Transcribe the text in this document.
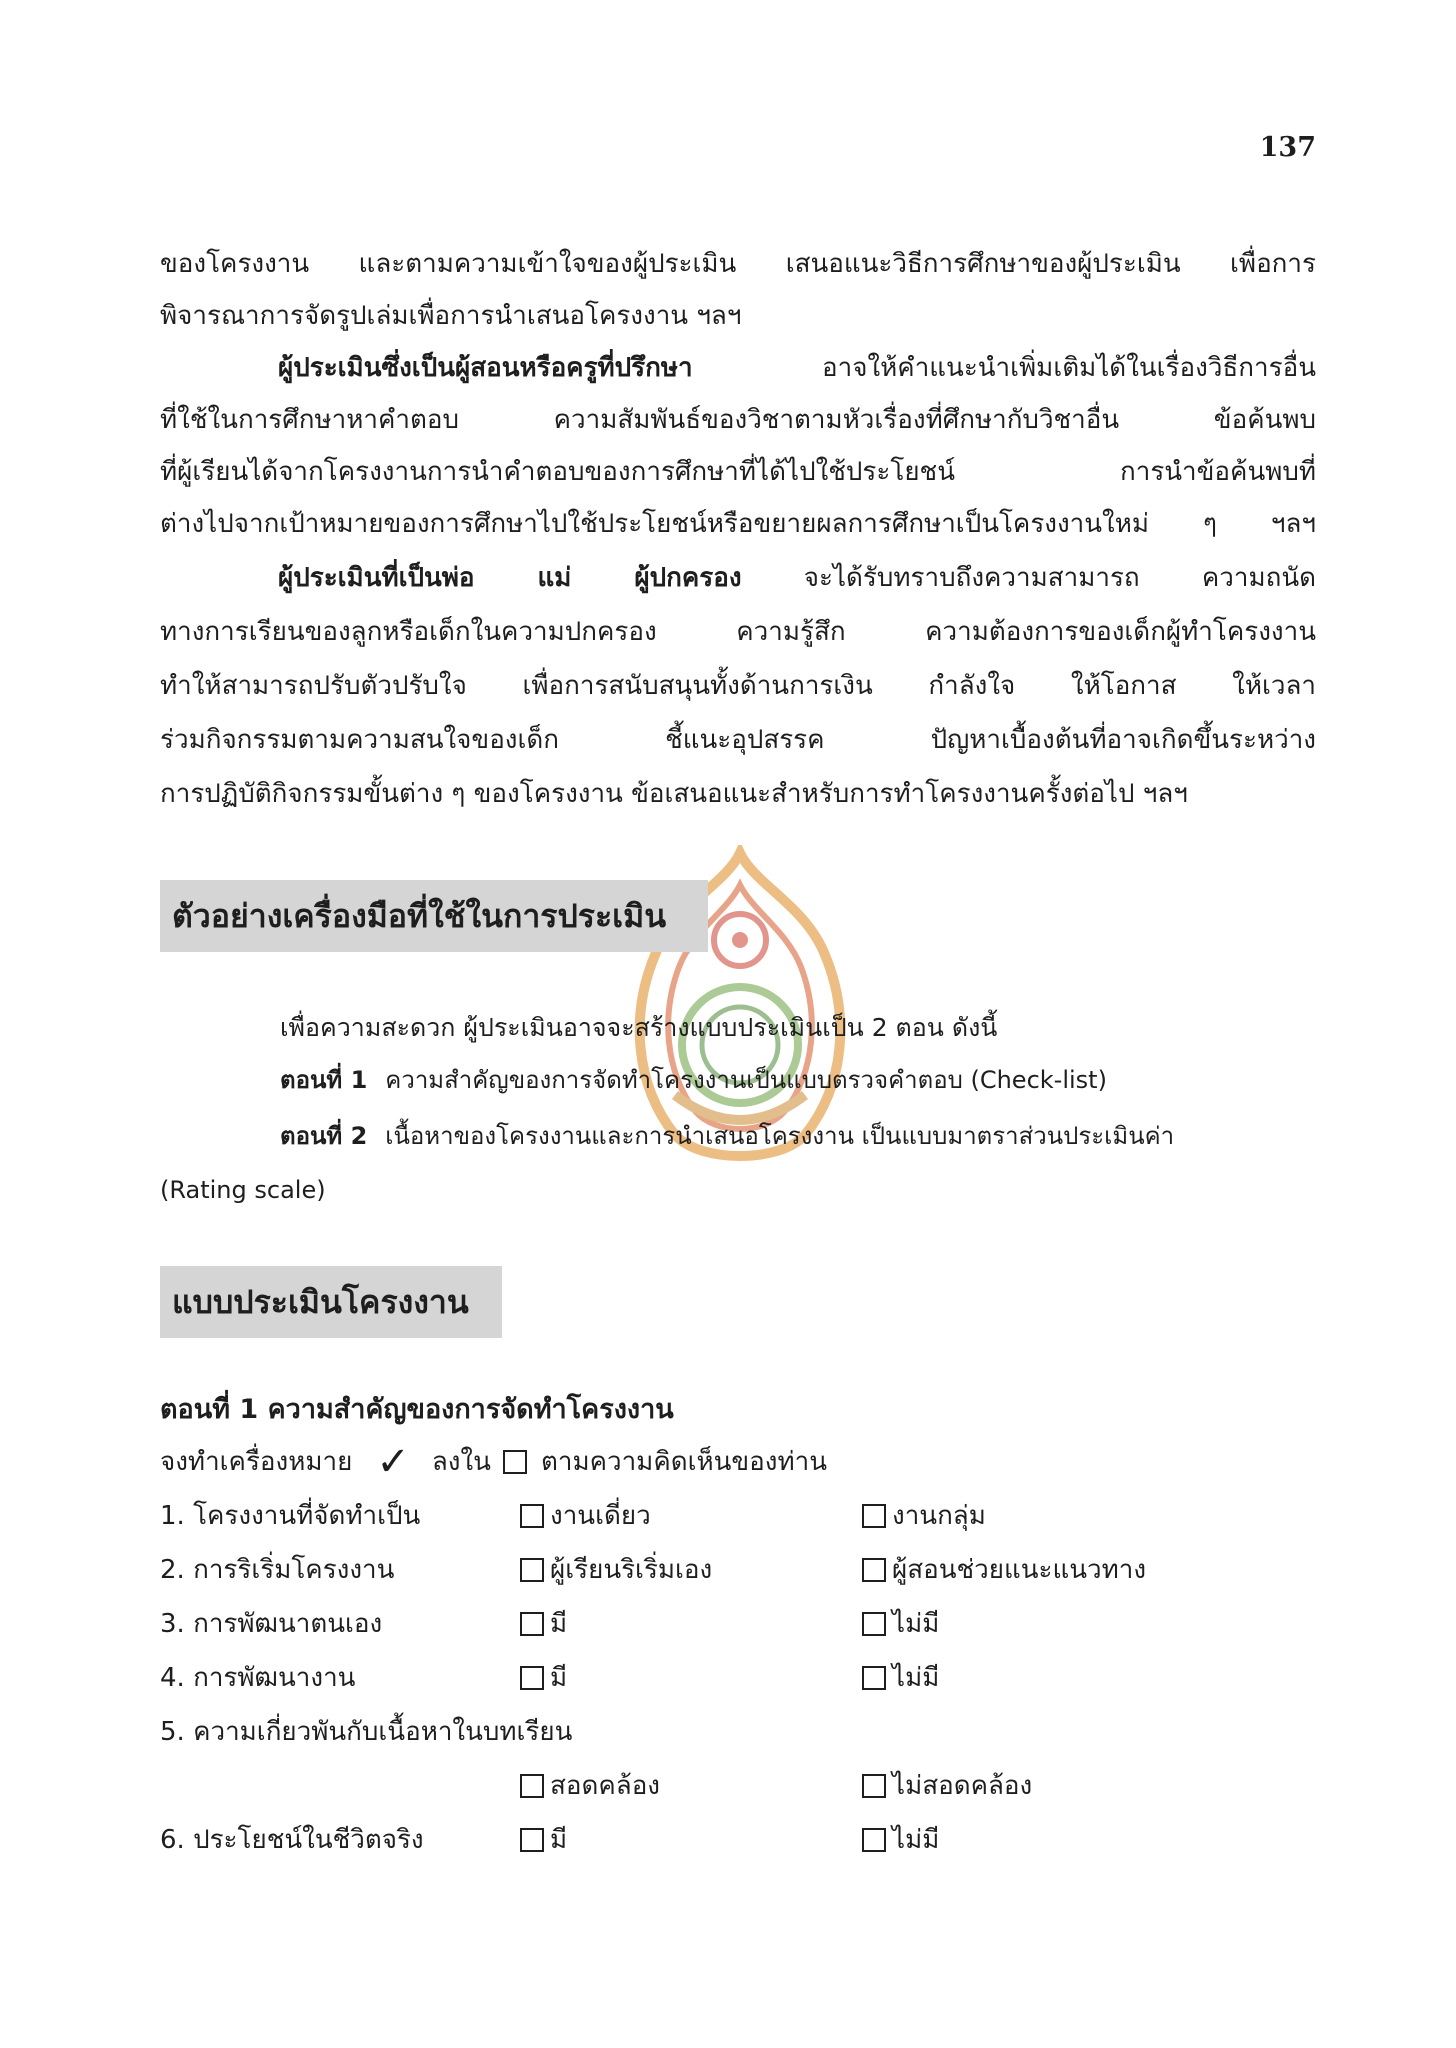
137
ของโครงงาน และตามความเข้าใจของผู้ประเมิน เสนอแนะวิธีการศึกษาของผู้ประเมิน เพื่อการ
พิจารณาการจัดรูปเล่มเพื่อการนำเสนอโครงงาน ฯลฯ
ผู้ประเมินซึ่งเป็นผู้สอนหรือครูที่ปรึกษา อาจให้คำแนะนำเพิ่มเติมได้ในเรื่องวิธีการอื่น
ที่ใช้ในการศึกษาหาคำตอบ ความสัมพันธ์ของวิชาตามหัวเรื่องที่ศึกษากับวิชาอื่น ข้อค้นพบ
ที่ผู้เรียนได้จากโครงงานการนำคำตอบของการศึกษาที่ได้ไปใช้ประโยชน์ การนำข้อค้นพบที่
ต่างไปจากเป้าหมายของการศึกษาไปใช้ประโยชน์หรือขยายผลการศึกษาเป็นโครงงานใหม่ ๆ ฯลฯ
ผู้ประเมินที่เป็นพ่อ แม่ ผู้ปกครอง จะได้รับทราบถึงความสามารถ ความถนัด
ทางการเรียนของลูกหรือเด็กในความปกครอง ความรู้สึก ความต้องการของเด็กผู้ทำโครงงาน
ทำให้สามารถปรับตัวปรับใจ เพื่อการสนับสนุนทั้งด้านการเงิน กำลังใจ ให้โอกาส ให้เวลา
ร่วมกิจกรรมตามความสนใจของเด็ก ชี้แนะอุปสรรค ปัญหาเบื้องต้นที่อาจเกิดขึ้นระหว่าง
การปฏิบัติกิจกรรมขั้นต่าง ๆ ของโครงงาน ข้อเสนอแนะสำหรับการทำโครงงานครั้งต่อไป ฯลฯ
ตัวอย่างเครื่องมือที่ใช้ในการประเมิน
เพื่อความสะดวก ผู้ประเมินอาจจะสร้างแบบประเมินเป็น 2 ตอน ดังนี้
ตอนที่ 1 ความสำคัญของการจัดทำโครงงานเป็นแบบตรวจคำตอบ (Check-list)
ตอนที่ 2 เนื้อหาของโครงงานและการนำเสนอโครงงาน เป็นแบบมาตราส่วนประเมินค่า
(Rating scale)
แบบประเมินโครงงาน
ตอนที่ 1 ความสำคัญของการจัดทำโครงงาน
จงทำเครื่องหมาย ✓ ลงใน ตามความคิดเห็นของท่าน
1. โครงงานที่จัดทำเป็น	งานเดี่ยว	งานกลุ่ม
2. การริเริ่มโครงงาน	ผู้เรียนริเริ่มเอง	ผู้สอนช่วยแนะแนวทาง
3. การพัฒนาตนเอง	มี	ไม่มี
4. การพัฒนางาน	มี	ไม่มี
5. ความเกี่ยวพันกับเนื้อหาในบทเรียน
สอดคล้อง	ไม่สอดคล้อง
6. ประโยชน์ในชีวิตจริง	มี	ไม่มี
